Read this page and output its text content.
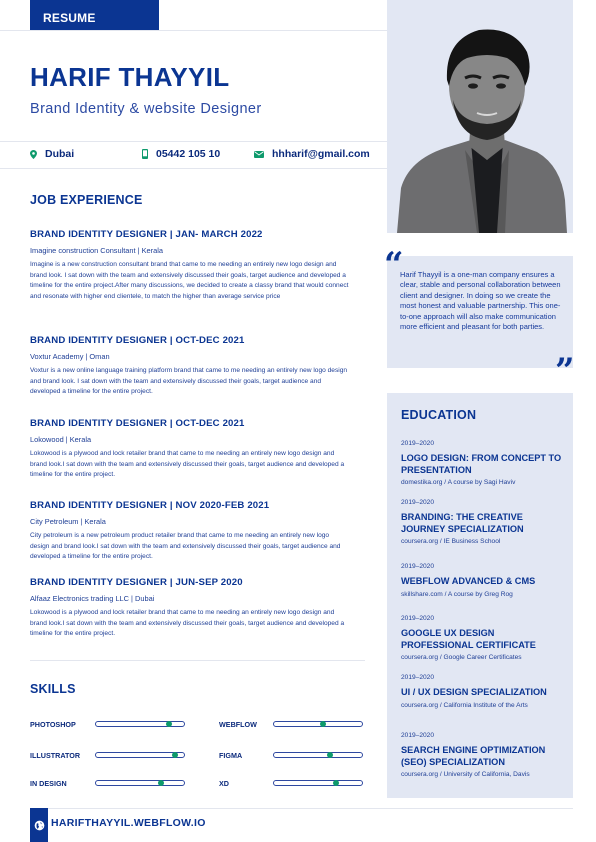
RESUME
HARIF THAYYIL
Brand Identity & website Designer
Dubai	05442 105 10	hhharif@gmail.com
JOB EXPERIENCE
BRAND IDENTITY DESIGNER | JAN- MARCH 2022
Imagine construction Consultant | Kerala
Imagine is a new construction consultant brand that came to me needing an entirely new logo design and brand look. I sat down with the team and extensively discussed their goals, target audience and developed a timeline for the entire project.After many discussions, we decided to create a classy brand that would connect and resonate with higher end clientele, to match the higher than average service price
BRAND IDENTITY DESIGNER | OCT-DEC 2021
Voxtur Academy | Oman
Voxtur is a new online language training platform brand that came to me needing an entirely new logo design and brand look. I sat down with the team and extensively discussed their goals, target audience and developed a timeline for the entire project.
BRAND IDENTITY DESIGNER | OCT-DEC 2021
Lokowood | Kerala
Lokowood is a plywood and lock retailer brand that came to me needing an entirely new logo design and brand look.I sat down with the team and extensively discussed their goals, target audience and developed a timeline for the entire project.
BRAND IDENTITY DESIGNER | NOV 2020-FEB 2021
City Petroleum | Kerala
City petroleum is a new petroleum product retailer brand that came to me needing an entirely new logo design and brand look.I sat down with the team and extensively discussed their goals, target audience and developed a timeline for the entire project.
BRAND IDENTITY DESIGNER | JUN-SEP 2020
Alfaaz Electronics trading LLC | Dubai
Lokowood is a plywood and lock retailer brand that came to me needing an entirely new logo design and brand look.I sat down with the team and extensively discussed their goals, target audience and developed a timeline for the entire project.
SKILLS
PHOTOSHOP	WEBFLOW
ILLUSTRATOR	FIGMA
IN DESIGN	XD
HARIFTHAYYIL.WEBFLOW.IO
“
Harif Thayyil is a one-man company ensures a clear, stable and personal collaboration between client and designer. In doing so we create the most honest and valuable partnership. This one-to-one approach will also make communication more efficient and pleasant for both parties.
”
EDUCATION
2019–2020
LOGO DESIGN: FROM CONCEPT TO PRESENTATION
domestika.org / A course by Sagi Haviv
2019–2020
BRANDING: THE CREATIVE JOURNEY SPECIALIZATION
coursera.org / IE Business School
2019–2020
WEBFLOW ADVANCED & CMS
skillshare.com / A course by Greg Rog
2019–2020
GOOGLE UX DESIGN PROFESSIONAL CERTIFICATE
coursera.org / Google Career Certificates
2019–2020
UI / UX DESIGN SPECIALIZATION
coursera.org / California Institute of the Arts
2019–2020
SEARCH ENGINE OPTIMIZATION (SEO) SPECIALIZATION
coursera.org / University of California, Davis
